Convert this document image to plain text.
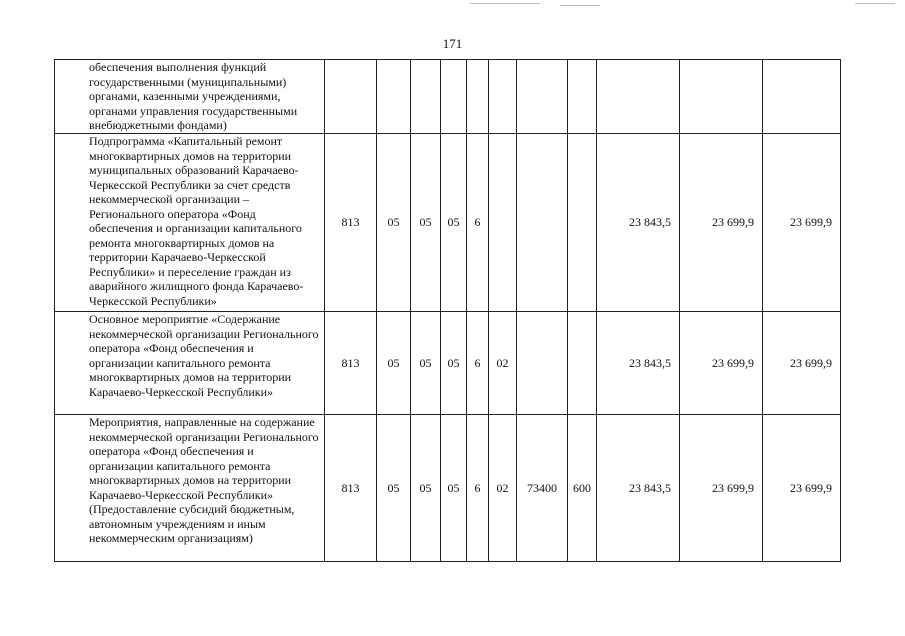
171
обеспечения выполнения функций государственными (муниципальными) органами, казенными учреждениями, органами управления государственными внебюджетными фондами)											
Подпрограмма «Капитальный ремонт многоквартирных домов на территории муниципальных образований Карачаево-Черкесской Республики за счет средств некоммерческой организации – Регионального оператора «Фонд обеспечения и организации капитального ремонта многоквартирных домов на территории Карачаево-Черкесской Республики» и переселение граждан из аварийного жилищного фонда Карачаево-Черкесской Республики»	813	05	05	05	6				23 843,5	23 699,9	23 699,9
Основное мероприятие «Содержание некоммерческой организации Регионального оператора «Фонд обеспечения и организации капитального ремонта многоквартирных домов на территории Карачаево-Черкесской Республики»	813	05	05	05	6	02			23 843,5	23 699,9	23 699,9
Мероприятия, направленные на содержание некоммерческой организации Регионального оператора «Фонд обеспечения и организации капитального ремонта многоквартирных домов на территории Карачаево-Черкесской Республики» (Предоставление субсидий бюджетным, автономным учреждениям и иным некоммерческим организациям)	813	05	05	05	6	02	73400	600	23 843,5	23 699,9	23 699,9
